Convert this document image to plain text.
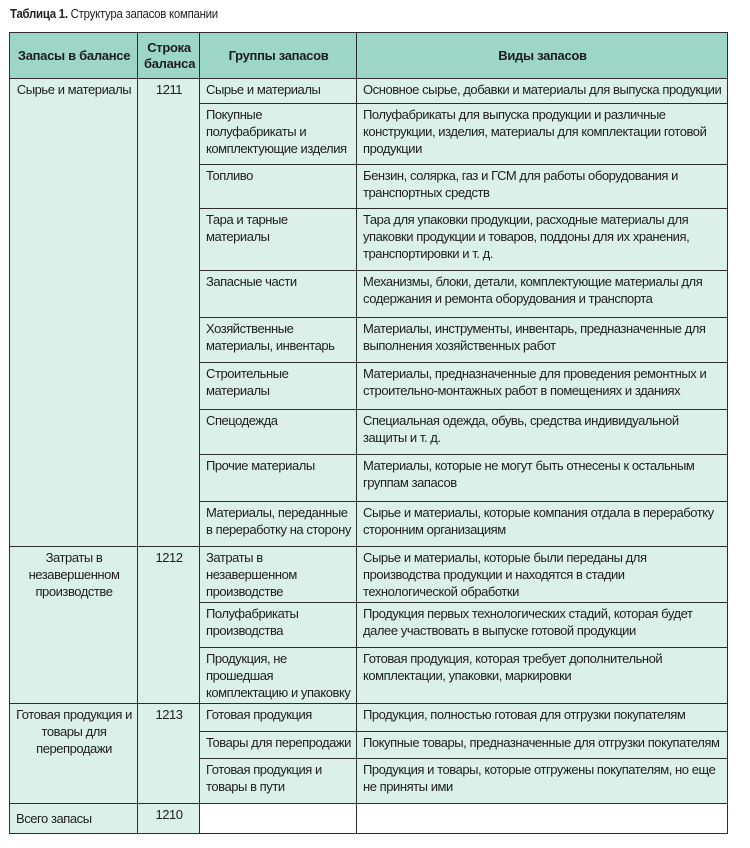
Таблица 1. Структура запасов компании
Запасы в балансе	Строка баланса	Группы запасов	Виды запасов
Сырье и материалы	1211	Сырье и материалы	Основное сырье, добавки и материалы для выпуска продукции
		Покупные полуфабрикаты и комплектующие изделия	Полуфабрикаты для выпуска продукции и различные конструкции, изделия, материалы для комплектации готовой продукции
		Топливо	Бензин, солярка, газ и ГСМ для работы оборудования и транспортных средств
		Тара и тарные материалы	Тара для упаковки продукции, расходные материалы для упаковки продукции и товаров, поддоны для их хранения, транспортировки и т. д.
		Запасные части	Механизмы, блоки, детали, комплектующие материалы для содержания и ремонта оборудования и транспорта
		Хозяйственные материалы, инвентарь	Материалы, инструменты, инвентарь, предназначенные для выполнения хозяйственных работ
		Строительные материалы	Материалы, предназначенные для проведения ремонтных и строительно-монтажных работ в помещениях и зданиях
		Спецодежда	Специальная одежда, обувь, средства индивидуальной защиты и т. д.
		Прочие материалы	Материалы, которые не могут быть отнесены к остальным группам запасов
		Материалы, переданные в переработку на сторону	Сырье и материалы, которые компания отдала в переработку сторонним организациям
Затраты в незавершенном производстве	1212	Затраты в незавершенном производстве	Сырье и материалы, которые были переданы для производства продукции и находятся в стадии технологической обработки
		Полуфабрикаты производства	Продукция первых технологических стадий, которая будет далее участвовать в выпуске готовой продукции
		Продукция, не прошедшая комплектацию и упаковку	Готовая продукция, которая требует дополнительной комплектации, упаковки, маркировки
Готовая продукция и товары для перепродажи	1213	Готовая продукция	Продукция, полностью готовая для отгрузки покупателям
		Товары для перепродажи	Покупные товары, предназначенные для отгрузки покупателям
		Готовая продукция и товары в пути	Продукция и товары, которые отгружены покупателям, но еще не приняты ими
Всего запасы	1210		
